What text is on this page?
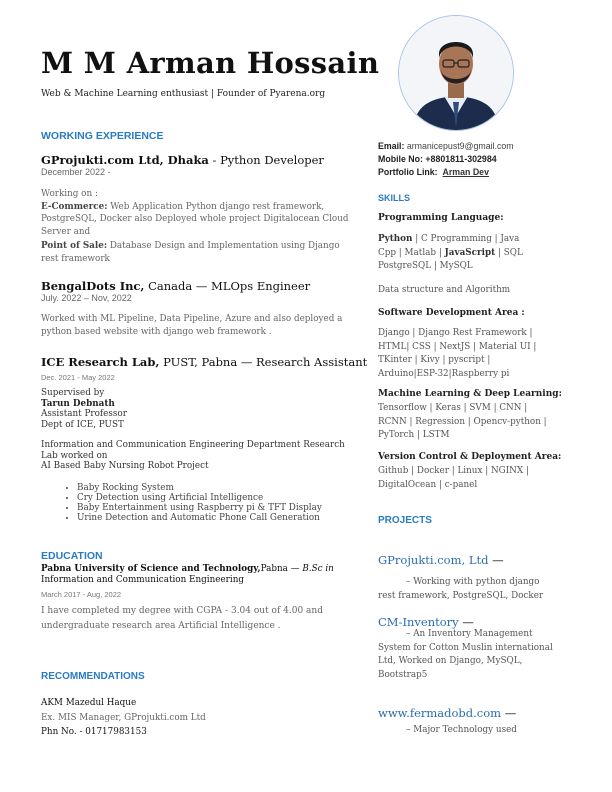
M M Arman Hossain
Web & Machine Learning enthusiast | Founder of Pyarena.org
Email: armanicepust9@gmail.com
Mobile No: +8801811-302984
Portfolio Link: Arman Dev
WORKING EXPERIENCE
GProjukti.com Ltd, Dhaka - Python Developer
December 2022 -
Working on :
E-Commerce: Web Application Python django rest framework, PostgreSQL, Docker also Deployed whole project Digitalocean Cloud Server and
Point of Sale: Database Design and Implementation using Django rest framework
BengalDots Inc, Canada — MLOps Engineer
July. 2022 – Nov, 2022
Worked with ML Pipeline, Data Pipeline, Azure and also deployed a python based website with django web framework .
ICE Research Lab, PUST, Pabna — Research Assistant
Dec. 2021 - May 2022
Supervised by
Tarun Debnath
Assistant Professor
Dept of ICE, PUST
Information and Communication Engineering Department Research Lab worked on
AI Based Baby Nursing Robot Project
• Baby Rocking System
• Cry Detection using Artificial Intelligence
• Baby Entertainment using Raspberry pi & TFT Display
• Urine Detection and Automatic Phone Call Generation
EDUCATION
Pabna University of Science and Technology,Pabna — B.Sc in
Information and Communication Engineering
March 2017 - Aug, 2022
I have completed my degree with CGPA - 3.04 out of 4.00 and undergraduate research area Artificial Intelligence .
RECOMMENDATIONS
AKM Mazedul Haque
Ex. MIS Manager, GProjukti.com Ltd
Phn No. - 01717983153
SKILLS
Programming Language:
Python | C Programming | Java
Cpp | Matlab | JavaScript | SQL
PostgreSQL | MySQL
Data structure and Algorithm
Software Development Area :
Django | Django Rest Framework | HTML| CSS | NextJS | Material UI | TKinter | Kivy | pyscript | Arduino|ESP-32|Raspberry pi
Machine Learning & Deep Learning:
Tensorflow | Keras | SVM | CNN | RCNN | Regression | Opencv-python | PyTorch | LSTM
Version Control & Deployment Area:
Github | Docker | Linux | NGINX | DigitalOcean | c-panel
PROJECTS
GProjukti.com, Ltd —
– Working with python django rest framework, PostgreSQL, Docker
CM-Inventory —
– An Inventory Management System for Cotton Muslin international Ltd, Worked on Django, MySQL, Bootstrap5
www.fermadobd.com —
– Major Technology used
